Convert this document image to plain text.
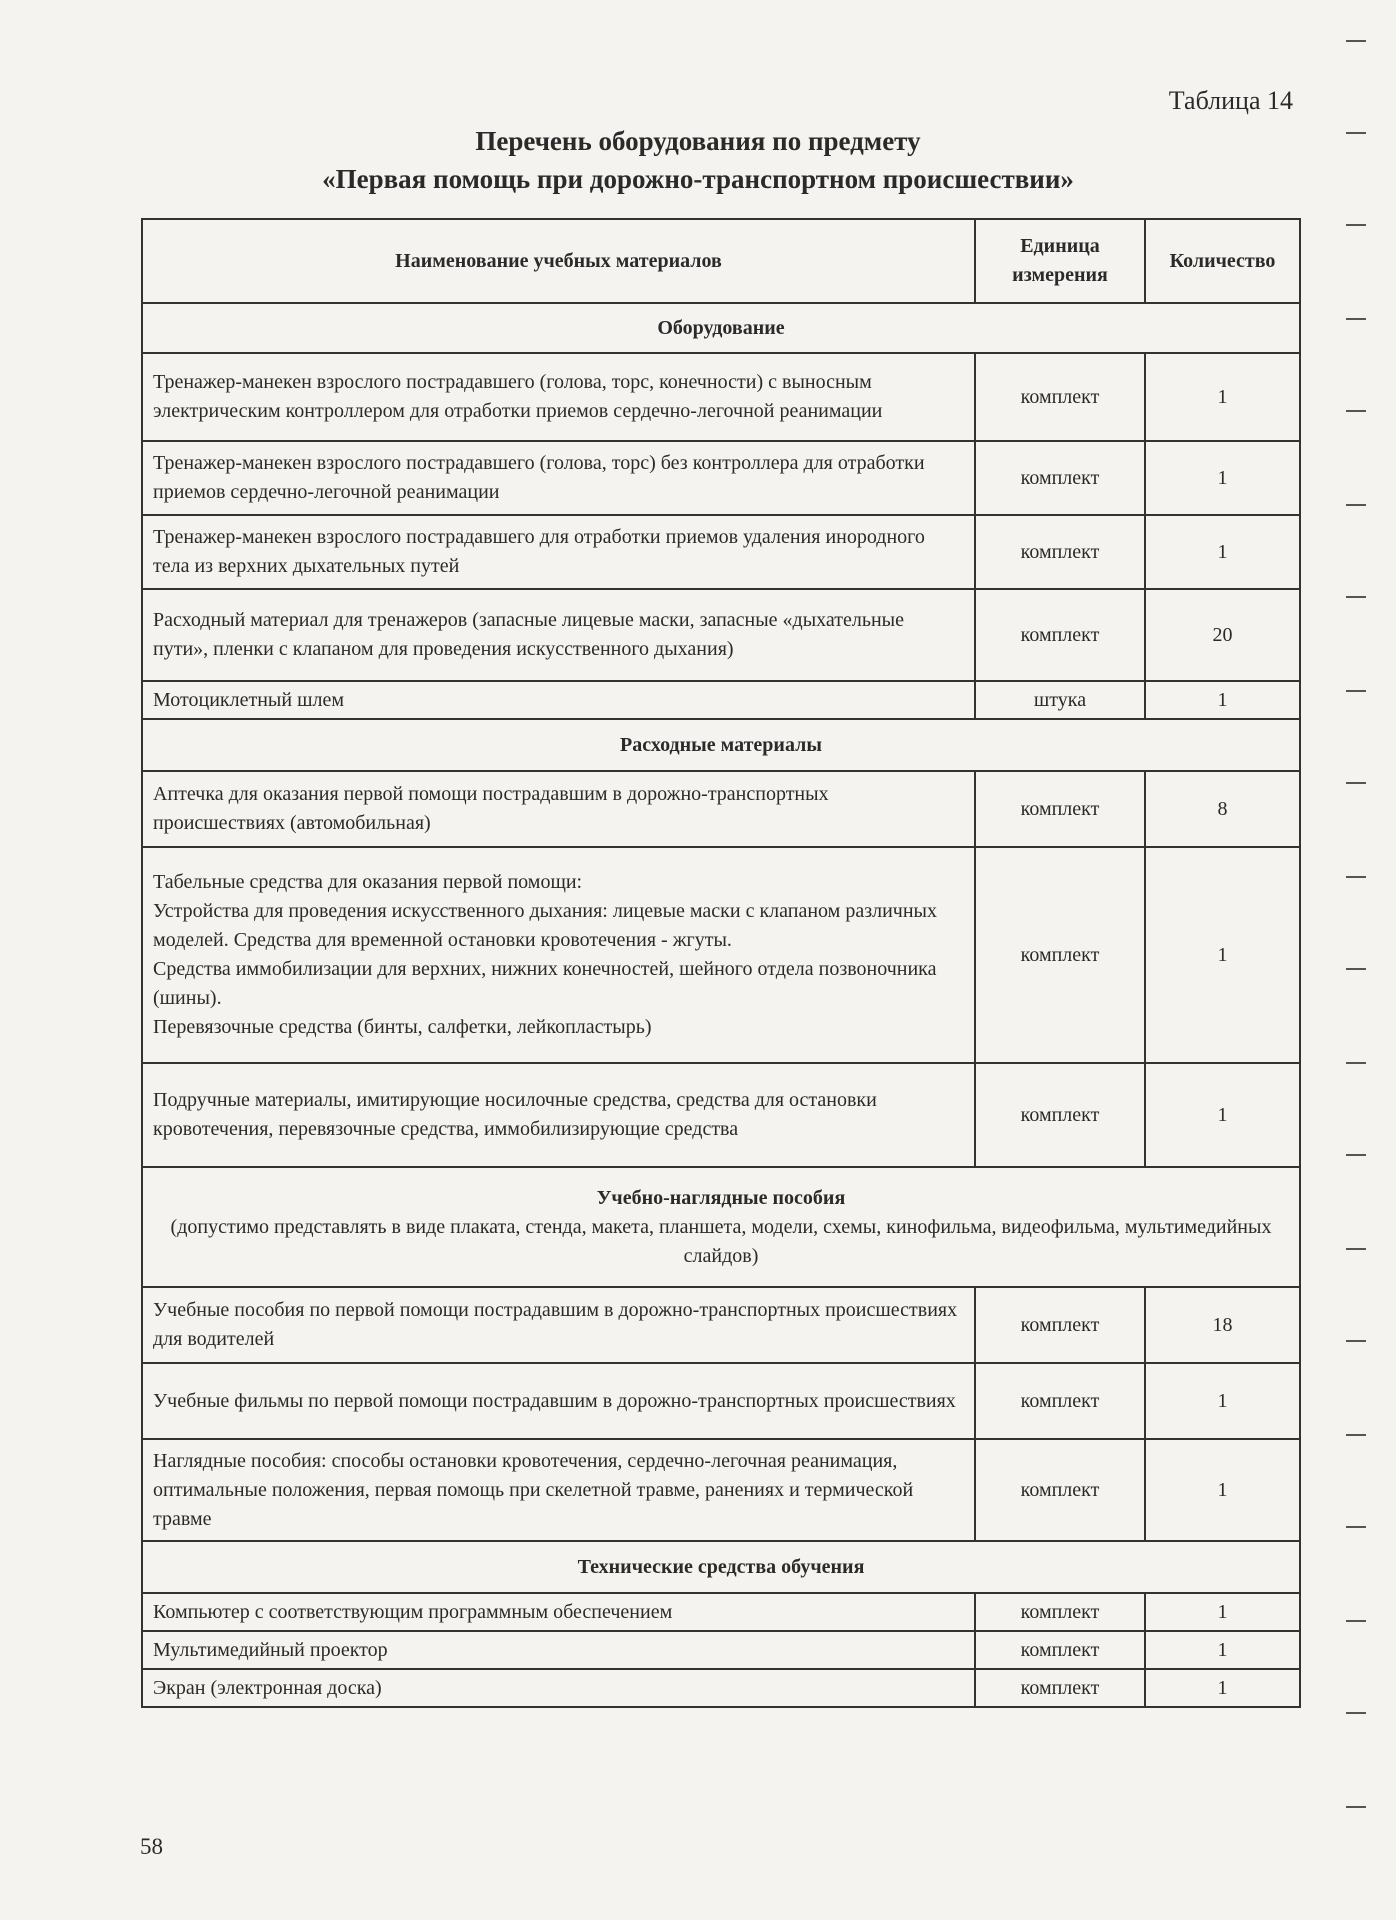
Таблица 14
Перечень оборудования по предмету
«Первая помощь при дорожно-транспортном происшествии»
Наименование учебных материалов	Единица измерения	Количество

Оборудование		

Тренажер-манекен взрослого пострадавшего (голова, торс, конечности) с выносным электрическим контроллером для отработки приемов сердечно-легочной реанимации	комплект	1
Тренажер-манекен взрослого пострадавшего (голова, торс) без контроллера для отработки приемов сердечно-легочной реанимации	комплект	1
Тренажер-манекен взрослого пострадавшего для отработки приемов удаления инородного тела из верхних дыхательных путей	комплект	1
Расходный материал для тренажеров (запасные лицевые маски, запасные «дыхательные пути», пленки с клапаном для проведения искусственного дыхания)	комплект	20
Мотоциклетный шлем	штука	1

Расходные материалы		

Аптечка для оказания первой помощи пострадавшим в дорожно-транспортных происшествиях (автомобильная)	комплект	8
Табельные средства для оказания первой помощи:
Устройства для проведения искусственного дыхания: лицевые маски с клапаном различных моделей. Средства для временной остановки кровотечения - жгуты.
Средства иммобилизации для верхних, нижних конечностей, шейного отдела позвоночника (шины).
Перевязочные средства (бинты, салфетки, лейкопластырь)	комплект	1
Подручные материалы, имитирующие носилочные средства, средства для остановки кровотечения, перевязочные средства, иммобилизирующие средства	комплект	1

Учебно-наглядные пособия
(допустимо представлять в виде плаката, стенда, макета, планшета, модели, схемы, кинофильма, видеофильма, мультимедийных слайдов)		

Учебные пособия по первой помощи пострадавшим в дорожно-транспортных происшествиях для водителей	комплект	18
Учебные фильмы по первой помощи пострадавшим в дорожно-транспортных происшествиях	комплект	1
Наглядные пособия: способы остановки кровотечения, сердечно-легочная реанимация, оптимальные положения, первая помощь при скелетной травме, ранениях и термической травме	комплект	1

Технические средства обучения		

Компьютер с соответствующим программным обеспечением	комплект	1
Мультимедийный проектор	комплект	1
Экран (электронная доска)	комплект	1
58
